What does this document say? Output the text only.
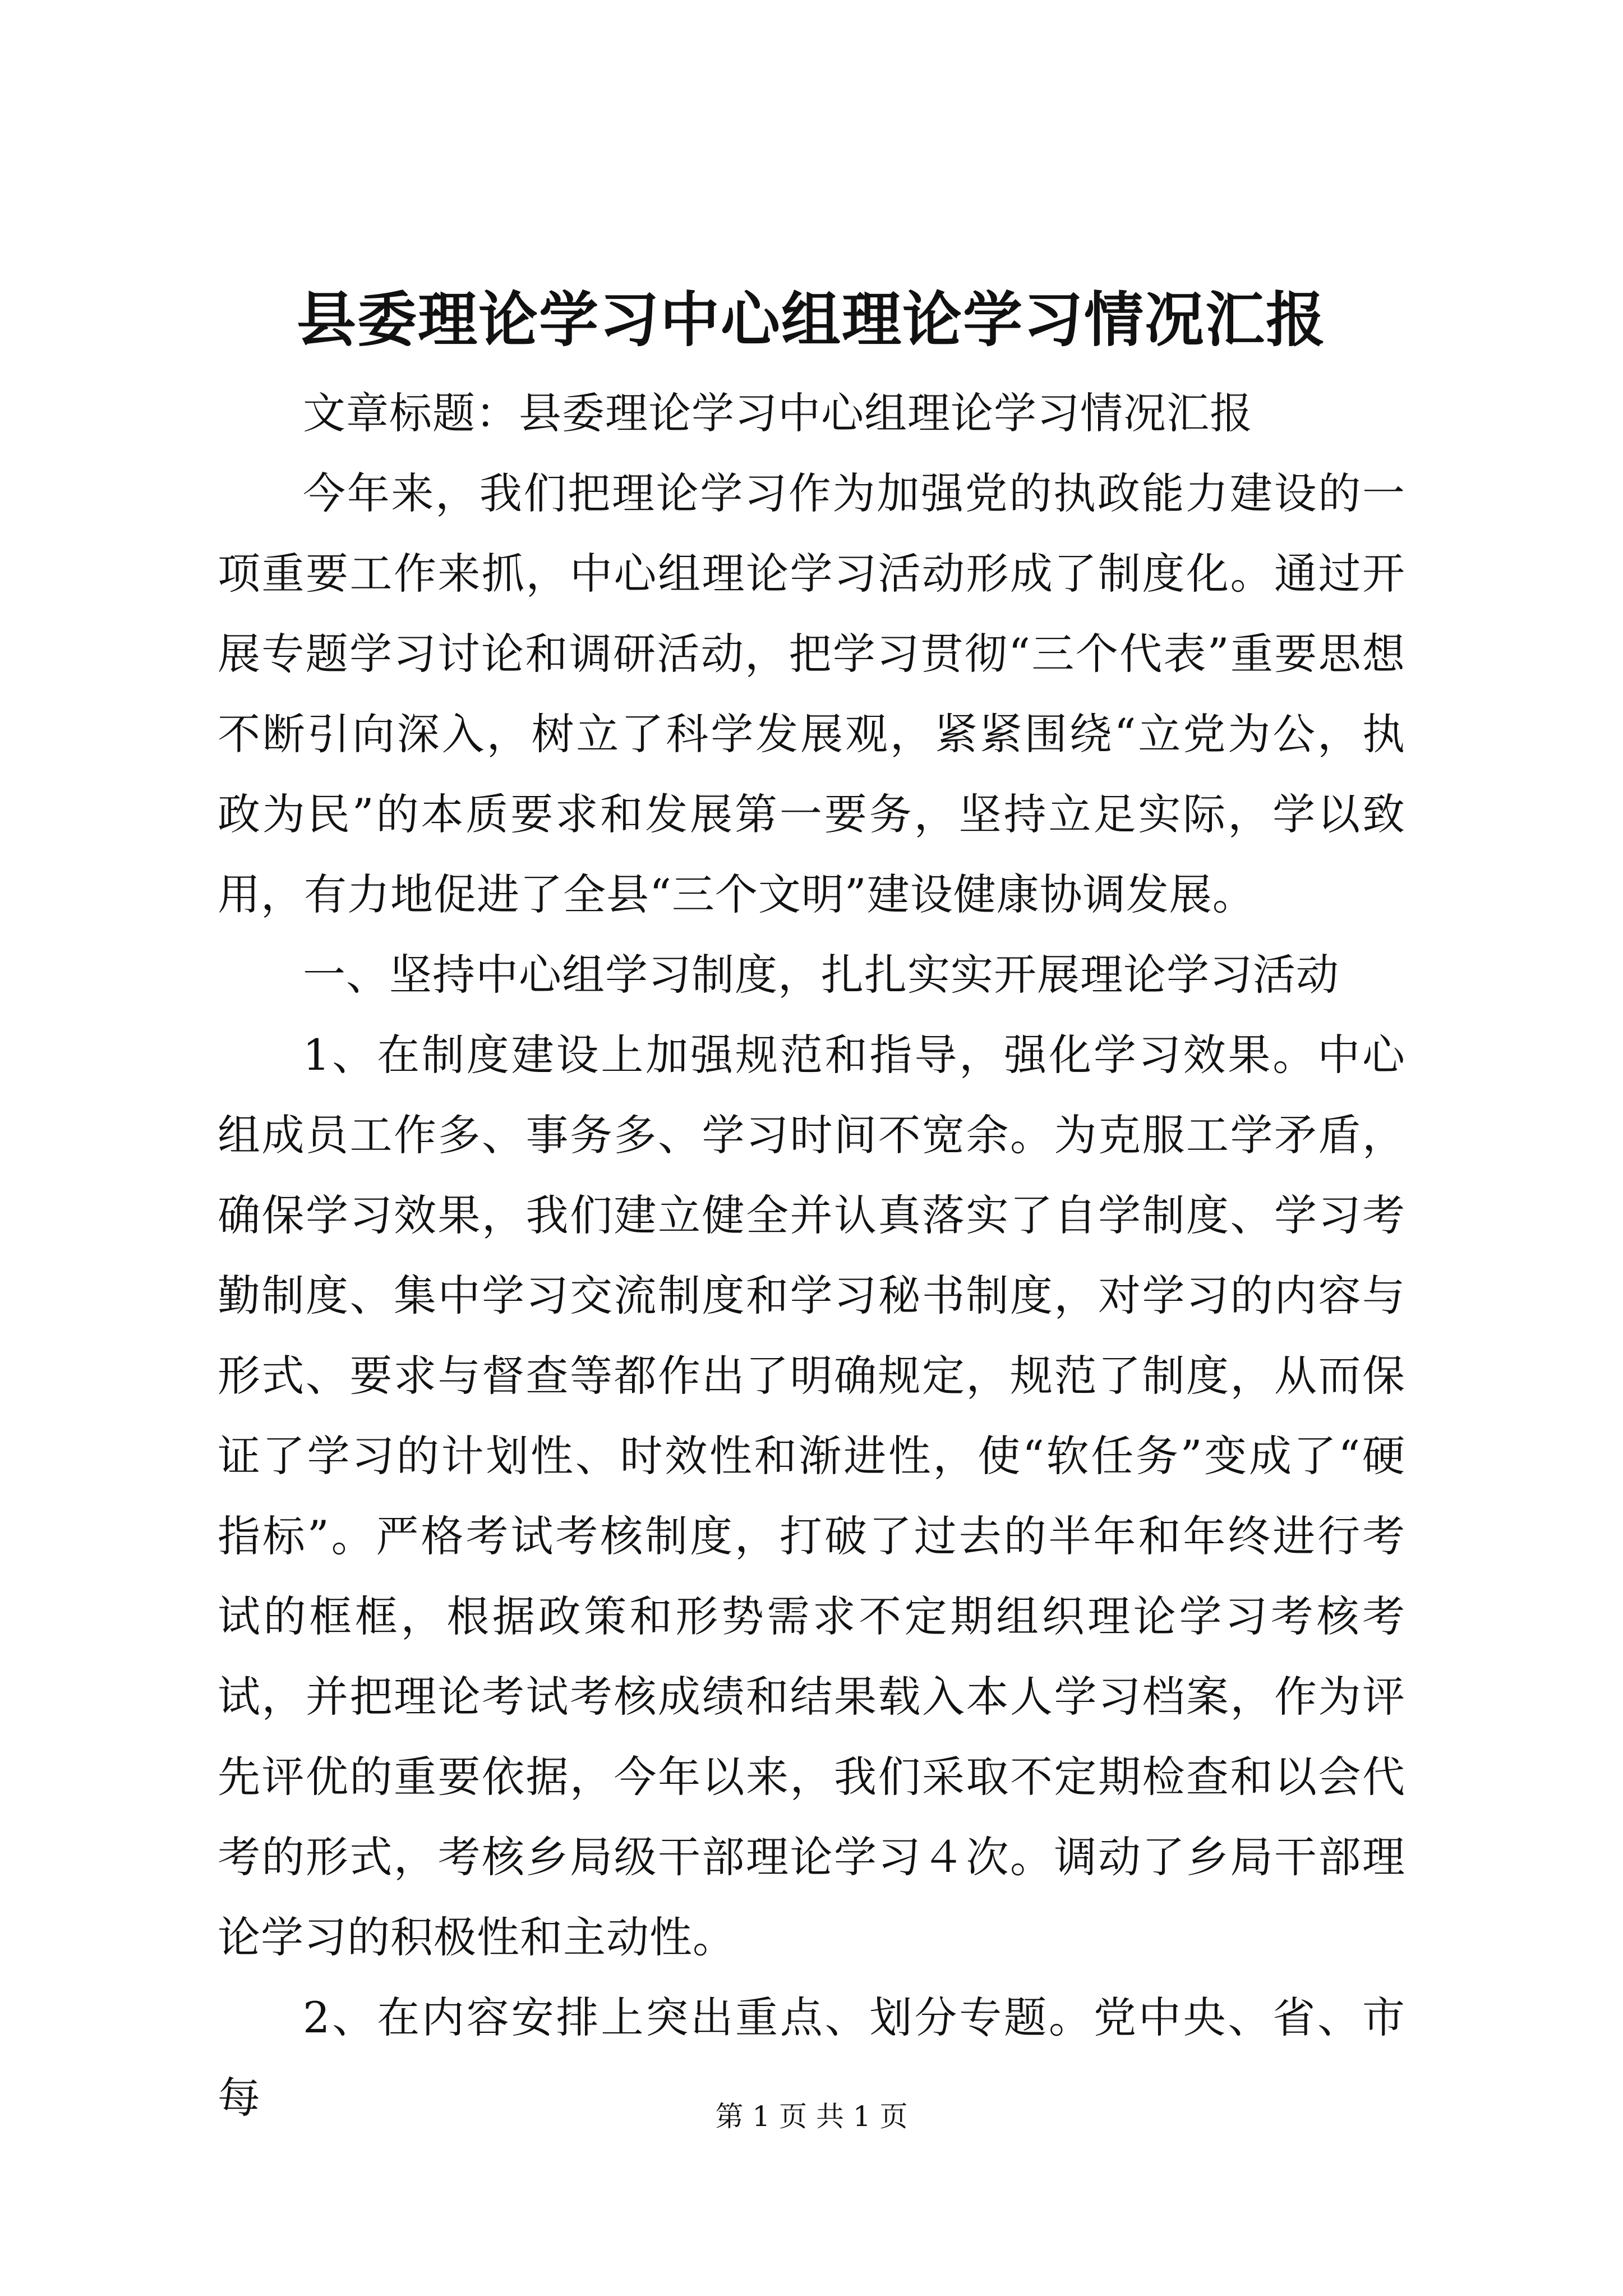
县委理论学习中心组理论学习情况汇报

文章标题：县委理论学习中心组理论学习情况汇报

今年来，我们把理论学习作为加强党的执政能力建设的一项重要工作来抓，中心组理论学习活动形成了制度化。通过开展专题学习讨论和调研活动，把学习贯彻“三个代表”重要思想不断引向深入，树立了科学发展观，紧紧围绕“立党为公，执政为民”的本质要求和发展第一要务，坚持立足实际，学以致用，有力地促进了全县“三个文明”建设健康协调发展。

一、坚持中心组学习制度，扎扎实实开展理论学习活动

1、在制度建设上加强规范和指导，强化学习效果。中心组成员工作多、事务多、学习时间不宽余。为克服工学矛盾，确保学习效果，我们建立健全并认真落实了自学制度、学习考勤制度、集中学习交流制度和学习秘书制度，对学习的内容与形式、要求与督查等都作出了明确规定，规范了制度，从而保证了学习的计划性、时效性和渐进性，使“软任务”变成了“硬指标”。严格考试考核制度，打破了过去的半年和年终进行考试的框框，根据政策和形势需求不定期组织理论学习考核考试，并把理论考试考核成绩和结果载入本人学习档案，作为评先评优的重要依据，今年以来，我们采取不定期检查和以会代考的形式，考核乡局级干部理论学习４次。调动了乡局干部理论学习的积极性和主动性。

2、在内容安排上突出重点、划分专题。党中央、省、市每	第 1 页 共 1 页
